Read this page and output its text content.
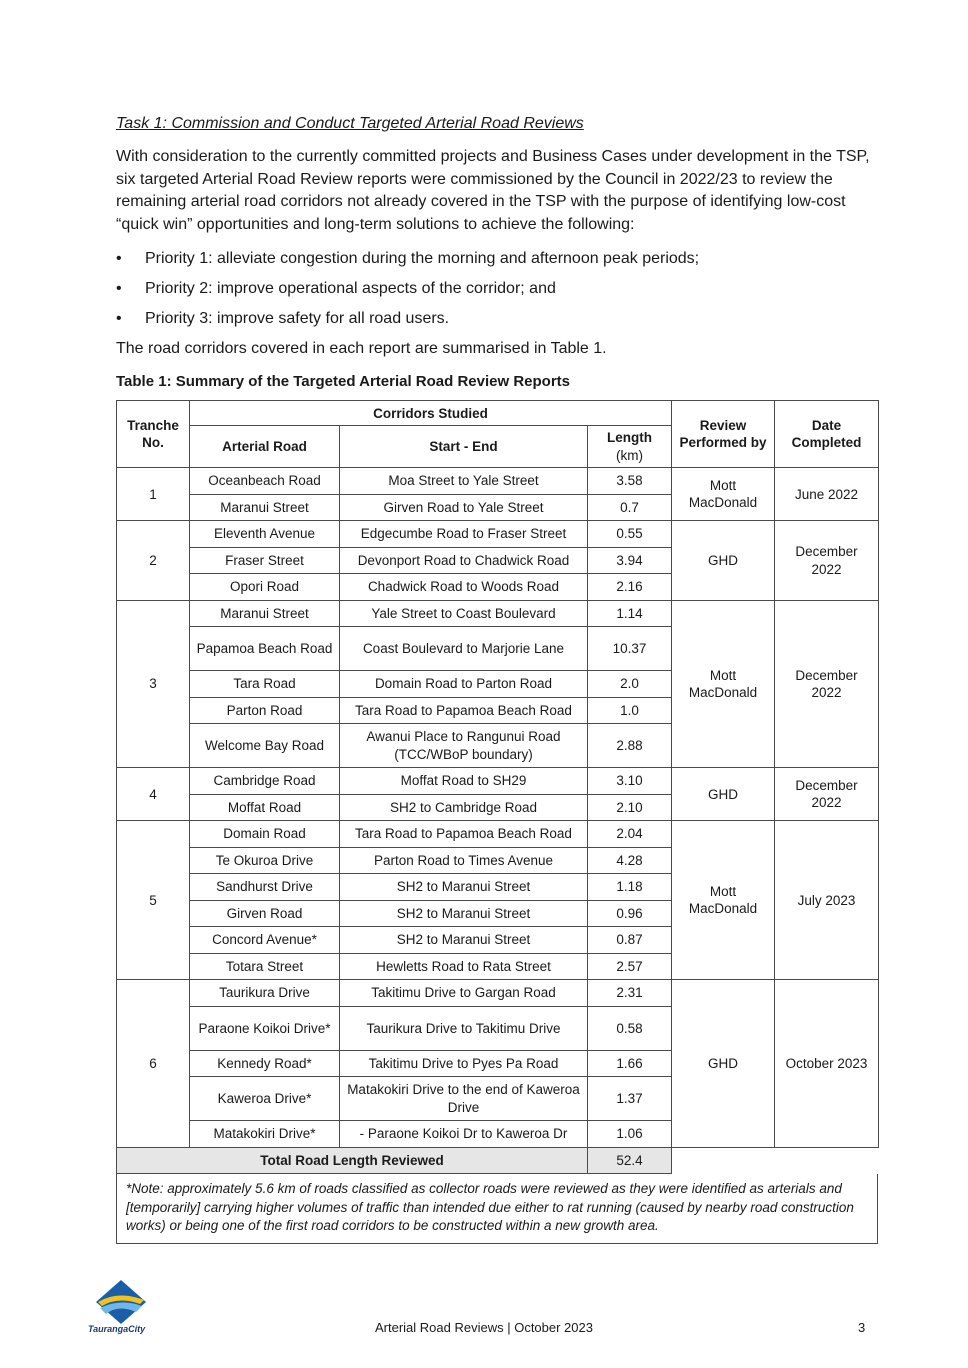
Task 1: Commission and Conduct Targeted Arterial Road Reviews

With consideration to the currently committed projects and Business Cases under development in the TSP, six targeted Arterial Road Review reports were commissioned by the Council in 2022/23 to review the remaining arterial road corridors not already covered in the TSP with the purpose of identifying low-cost “quick win” opportunities and long-term solutions to achieve the following:

• Priority 1: alleviate congestion during the morning and afternoon peak periods;
• Priority 2: improve operational aspects of the corridor; and
• Priority 3: improve safety for all road users.

The road corridors covered in each report are summarised in Table 1.

Table 1: Summary of the Targeted Arterial Road Review Reports
Tranche No.	Corridors Studied			Review Performed by	Date Completed
	Arterial Road	Start - End	Length
(km)		
1	Oceanbeach Road	Moa Street to Yale Street	3.58	Mott MacDonald	June 2022
	Maranui Street	Girven Road to Yale Street	0.7		
2	Eleventh Avenue	Edgecumbe Road to Fraser Street	0.55	GHD	December 2022
	Fraser Street	Devonport Road to Chadwick Road	3.94		
	Opori Road	Chadwick Road to Woods Road	2.16		
3	Maranui Street	Yale Street to Coast Boulevard	1.14	Mott MacDonald	December 2022
	Papamoa Beach Road	Coast Boulevard to Marjorie Lane	10.37		
	Tara Road	Domain Road to Parton Road	2.0		
	Parton Road	Tara Road to Papamoa Beach Road	1.0		
	Welcome Bay Road	Awanui Place to Rangunui Road (TCC/WBoP boundary)	2.88		
4	Cambridge Road	Moffat Road to SH29	3.10	GHD	December 2022
	Moffat Road	SH2 to Cambridge Road	2.10		
5	Domain Road	Tara Road to Papamoa Beach Road	2.04	Mott MacDonald	July 2023
	Te Okuroa Drive	Parton Road to Times Avenue	4.28		
	Sandhurst Drive	SH2 to Maranui Street	1.18		
	Girven Road	SH2 to Maranui Street	0.96		
	Concord Avenue*	SH2 to Maranui Street	0.87		
	Totara Street	Hewletts Road to Rata Street	2.57		
6	Taurikura Drive	Takitimu Drive to Gargan Road	2.31	GHD	October 2023
	Paraone Koikoi Drive*	Taurikura Drive to Takitimu Drive	0.58		
	Kennedy Road*	Takitimu Drive to Pyes Pa Road	1.66		
	Kaweroa Drive*	Matakokiri Drive to the end of Kaweroa Drive	1.37		
	Matakokiri Drive*	- Paraone Koikoi Dr to Kaweroa Dr	1.06		
Total Road Length Reviewed			52.4		
*Note: approximately 5.6 km of roads classified as collector roads were reviewed as they were identified as arterials and [temporarily] carrying higher volumes of traffic than intended due either to rat running (caused by nearby road construction works) or being one of the first road corridors to be constructed within a new growth area.
TaurangaCity	Arterial Road Reviews | October 2023	3
